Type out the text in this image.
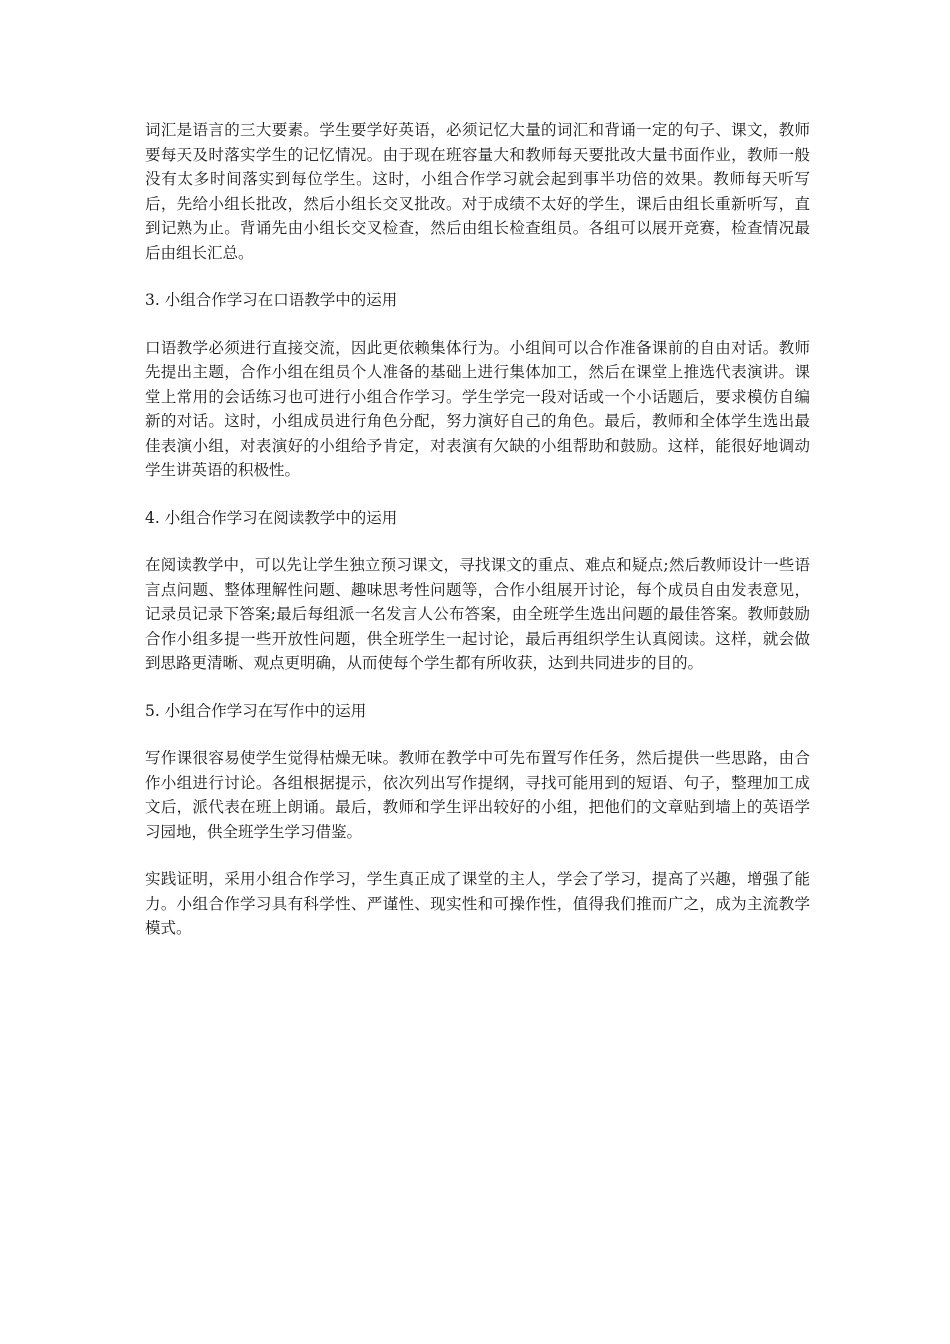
词汇是语言的三大要素。学生要学好英语，必须记忆大量的词汇和背诵一定的句子、课文，教师要每天及时落实学生的记忆情况。由于现在班容量大和教师每天要批改大量书面作业，教师一般没有太多时间落实到每位学生。这时，小组合作学习就会起到事半功倍的效果。教师每天听写后，先给小组长批改，然后小组长交叉批改。对于成绩不太好的学生，课后由组长重新听写，直到记熟为止。背诵先由小组长交叉检查，然后由组长检查组员。各组可以展开竞赛，检查情况最后由组长汇总。

3. 小组合作学习在口语教学中的运用

口语教学必须进行直接交流，因此更依赖集体行为。小组间可以合作准备课前的自由对话。教师先提出主题，合作小组在组员个人准备的基础上进行集体加工，然后在课堂上推选代表演讲。课堂上常用的会话练习也可进行小组合作学习。学生学完一段对话或一个小话题后，要求模仿自编新的对话。这时，小组成员进行角色分配，努力演好自己的角色。最后，教师和全体学生选出最佳表演小组，对表演好的小组给予肯定，对表演有欠缺的小组帮助和鼓励。这样，能很好地调动学生讲英语的积极性。

4. 小组合作学习在阅读教学中的运用

在阅读教学中，可以先让学生独立预习课文，寻找课文的重点、难点和疑点;然后教师设计一些语言点问题、整体理解性问题、趣味思考性问题等，合作小组展开讨论，每个成员自由发表意见，记录员记录下答案;最后每组派一名发言人公布答案，由全班学生选出问题的最佳答案。教师鼓励合作小组多提一些开放性问题，供全班学生一起讨论，最后再组织学生认真阅读。这样，就会做到思路更清晰、观点更明确，从而使每个学生都有所收获，达到共同进步的目的。

5. 小组合作学习在写作中的运用

写作课很容易使学生觉得枯燥无味。教师在教学中可先布置写作任务，然后提供一些思路，由合作小组进行讨论。各组根据提示，依次列出写作提纲，寻找可能用到的短语、句子，整理加工成文后，派代表在班上朗诵。最后，教师和学生评出较好的小组，把他们的文章贴到墙上的英语学习园地，供全班学生学习借鉴。

实践证明，采用小组合作学习，学生真正成了课堂的主人，学会了学习，提高了兴趣，增强了能力。小组合作学习具有科学性、严谨性、现实性和可操作性，值得我们推而广之，成为主流教学模式。
